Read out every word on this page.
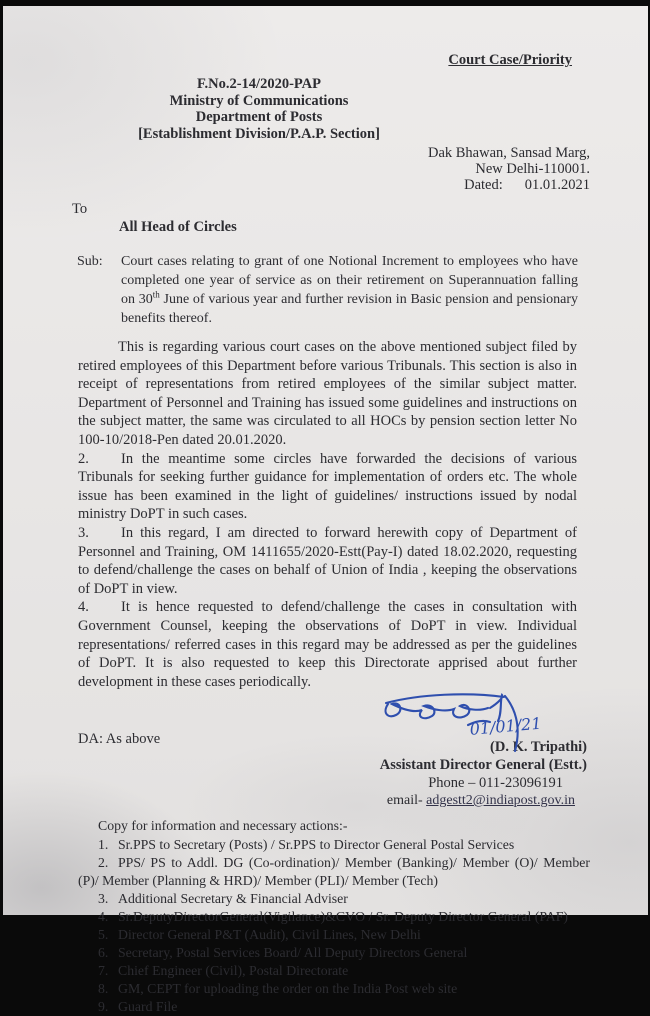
Court Case/Priority
F.No.2-14/2020-PAP
Ministry of Communications
Department of Posts
[Establishment Division/P.A.P. Section]
Dak Bhawan, Sansad Marg,
New Delhi-110001.
Dated: 01.01.2021
To
All Head of Circles
Sub:	Court cases relating to grant of one Notional Increment to employees who have completed one year of service as on their retirement on Superannuation falling on 30th June of various year and further revision in Basic pension and pensionary benefits thereof.

This is regarding various court cases on the above mentioned subject filed by retired employees of this Department before various Tribunals. This section is also in receipt of representations from retired employees of the similar subject matter. Department of Personnel and Training has issued some guidelines and instructions on the subject matter, the same was circulated to all HOCs by pension section letter No 100-10/2018-Pen dated 20.01.2020.

2. In the meantime some circles have forwarded the decisions of various Tribunals for seeking further guidance for implementation of orders etc. The whole issue has been examined in the light of guidelines/ instructions issued by nodal ministry DoPT in such cases.

3. In this regard, I am directed to forward herewith copy of Department of Personnel and Training, OM 1411655/2020-Estt(Pay-I) dated 18.02.2020, requesting to defend/challenge the cases on behalf of Union of India , keeping the observations of DoPT in view.

4. It is hence requested to defend/challenge the cases in consultation with Government Counsel, keeping the observations of DoPT in view. Individual representations/ referred cases in this regard may be addressed as per the guidelines of DoPT. It is also requested to keep this Directorate apprised about further development in these cases periodically.

DA: As above
01/01/21
(D. K. Tripathi)
Assistant Director General (Estt.)
Phone – 011-23096191
email- adgestt2@indiapost.gov.in
Copy for information and necessary actions:-
1. Sr.PPS to Secretary (Posts) / Sr.PPS to Director General Postal Services
2. PPS/ PS to Addl. DG (Co-ordination)/ Member (Banking)/ Member (O)/ Member (P)/ Member (Planning & HRD)/ Member (PLI)/ Member (Tech)
3. Additional Secretary & Financial Adviser
4. Sr.DeputyDirectorGeneral(Vigilance)&CVO / Sr. Deputy Director General (PAF)
5. Director General P&T (Audit), Civil Lines, New Delhi
6. Secretary, Postal Services Board/ All Deputy Directors General
7. Chief Engineer (Civil), Postal Directorate
8. GM, CEPT for uploading the order on the India Post web site
9. Guard File
